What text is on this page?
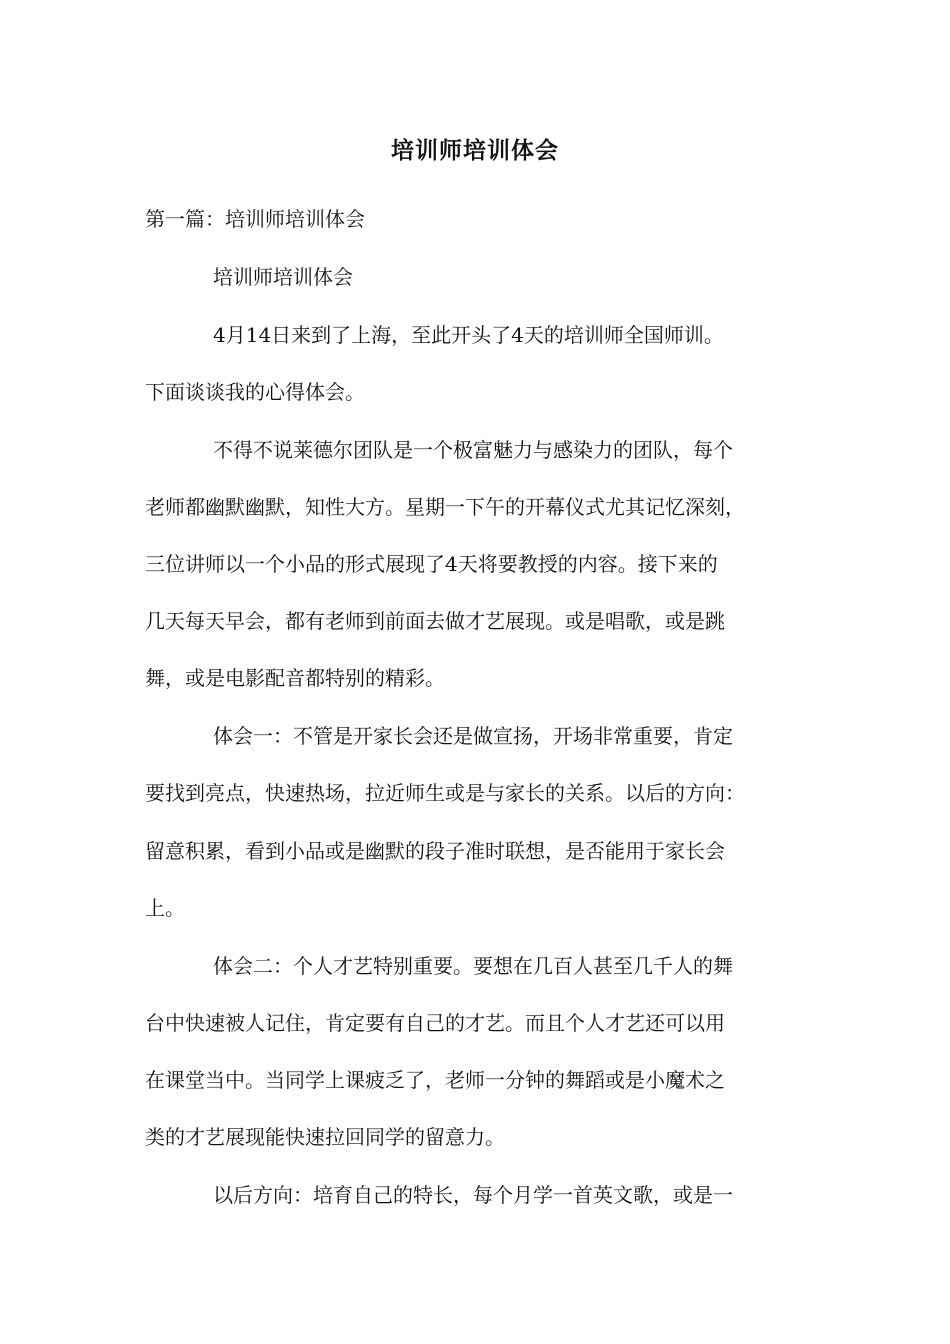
培训师培训体会
第一篇：培训师培训体会
培训师培训体会
4月14日来到了上海，至此开头了4天的培训师全国师训。
下面谈谈我的心得体会。
不得不说莱德尔团队是一个极富魅力与感染力的团队，每个
老师都幽默幽默，知性大方。星期一下午的开幕仪式尤其记忆深刻，
三位讲师以一个小品的形式展现了4天将要教授的内容。接下来的
几天每天早会，都有老师到前面去做才艺展现。或是唱歌，或是跳
舞，或是电影配音都特别的精彩。
体会一：不管是开家长会还是做宣扬，开场非常重要，肯定
要找到亮点，快速热场，拉近师生或是与家长的关系。以后的方向：
留意积累，看到小品或是幽默的段子准时联想，是否能用于家长会
上。
体会二：个人才艺特别重要。要想在几百人甚至几千人的舞
台中快速被人记住，肯定要有自己的才艺。而且个人才艺还可以用
在课堂当中。当同学上课疲乏了，老师一分钟的舞蹈或是小魔术之
类的才艺展现能快速拉回同学的留意力。
以后方向：培育自己的特长，每个月学一首英文歌，或是一
